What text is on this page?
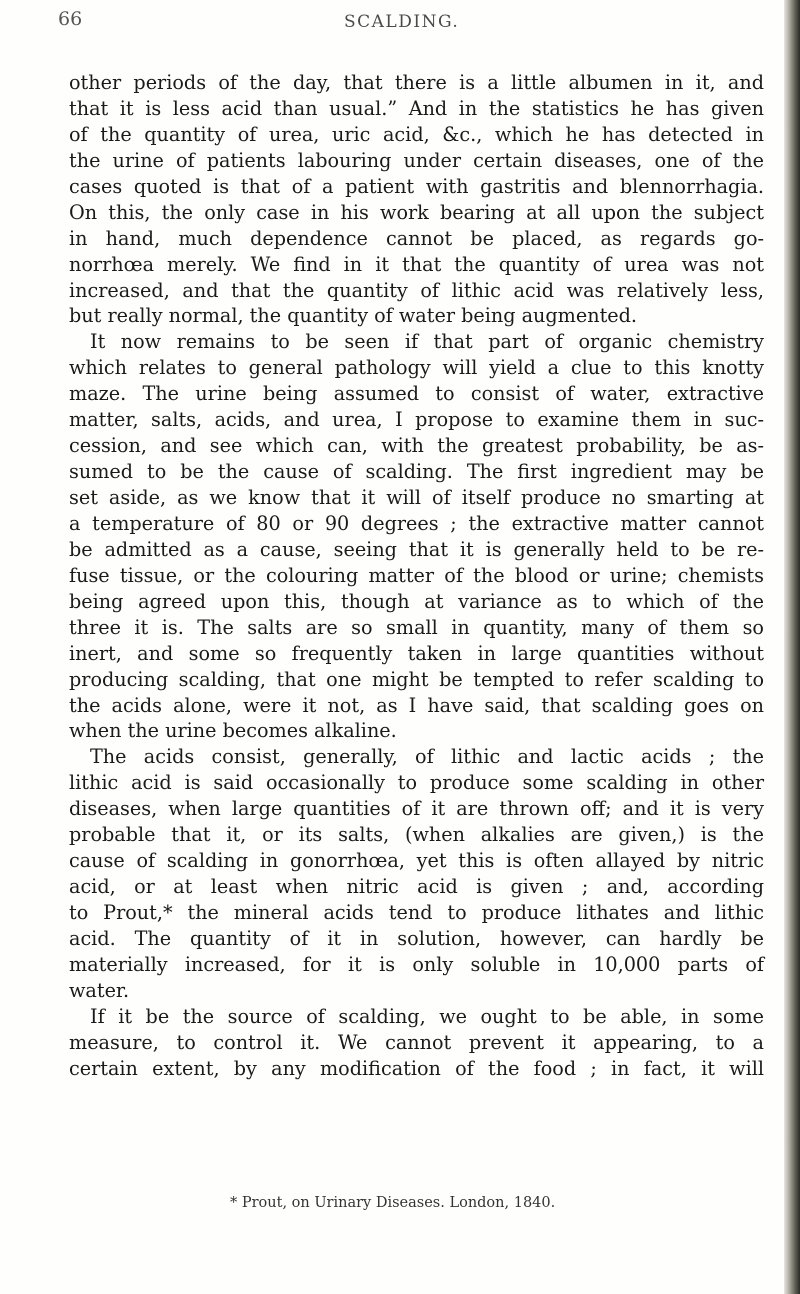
66	SCALDING.
other periods of the day, that there is a little albumen in it, and
that it is less acid than usual.” And in the statistics he has given
of the quantity of urea, uric acid, &c., which he has detected in
the urine of patients labouring under certain diseases, one of the
cases quoted is that of a patient with gastritis and blennorrhagia.
On this, the only case in his work bearing at all upon the subject
in hand, much dependence cannot be placed, as regards go-
norrhœa merely. We find in it that the quantity of urea was not
increased, and that the quantity of lithic acid was relatively less,
but really normal, the quantity of water being augmented.
It now remains to be seen if that part of organic chemistry
which relates to general pathology will yield a clue to this knotty
maze. The urine being assumed to consist of water, extractive
matter, salts, acids, and urea, I propose to examine them in suc-
cession, and see which can, with the greatest probability, be as-
sumed to be the cause of scalding. The first ingredient may be
set aside, as we know that it will of itself produce no smarting at
a temperature of 80 or 90 degrees ; the extractive matter cannot
be admitted as a cause, seeing that it is generally held to be re-
fuse tissue, or the colouring matter of the blood or urine; chemists
being agreed upon this, though at variance as to which of the
three it is. The salts are so small in quantity, many of them so
inert, and some so frequently taken in large quantities without
producing scalding, that one might be tempted to refer scalding to
the acids alone, were it not, as I have said, that scalding goes on
when the urine becomes alkaline.
The acids consist, generally, of lithic and lactic acids ; the
lithic acid is said occasionally to produce some scalding in other
diseases, when large quantities of it are thrown off; and it is very
probable that it, or its salts, (when alkalies are given,) is the
cause of scalding in gonorrhœa, yet this is often allayed by nitric
acid, or at least when nitric acid is given ; and, according
to Prout,* the mineral acids tend to produce lithates and lithic
acid. The quantity of it in solution, however, can hardly be
materially increased, for it is only soluble in 10,000 parts of
water.
If it be the source of scalding, we ought to be able, in some
measure, to control it. We cannot prevent it appearing, to a
certain extent, by any modification of the food ; in fact, it will
* Prout, on Urinary Diseases. London, 1840.
